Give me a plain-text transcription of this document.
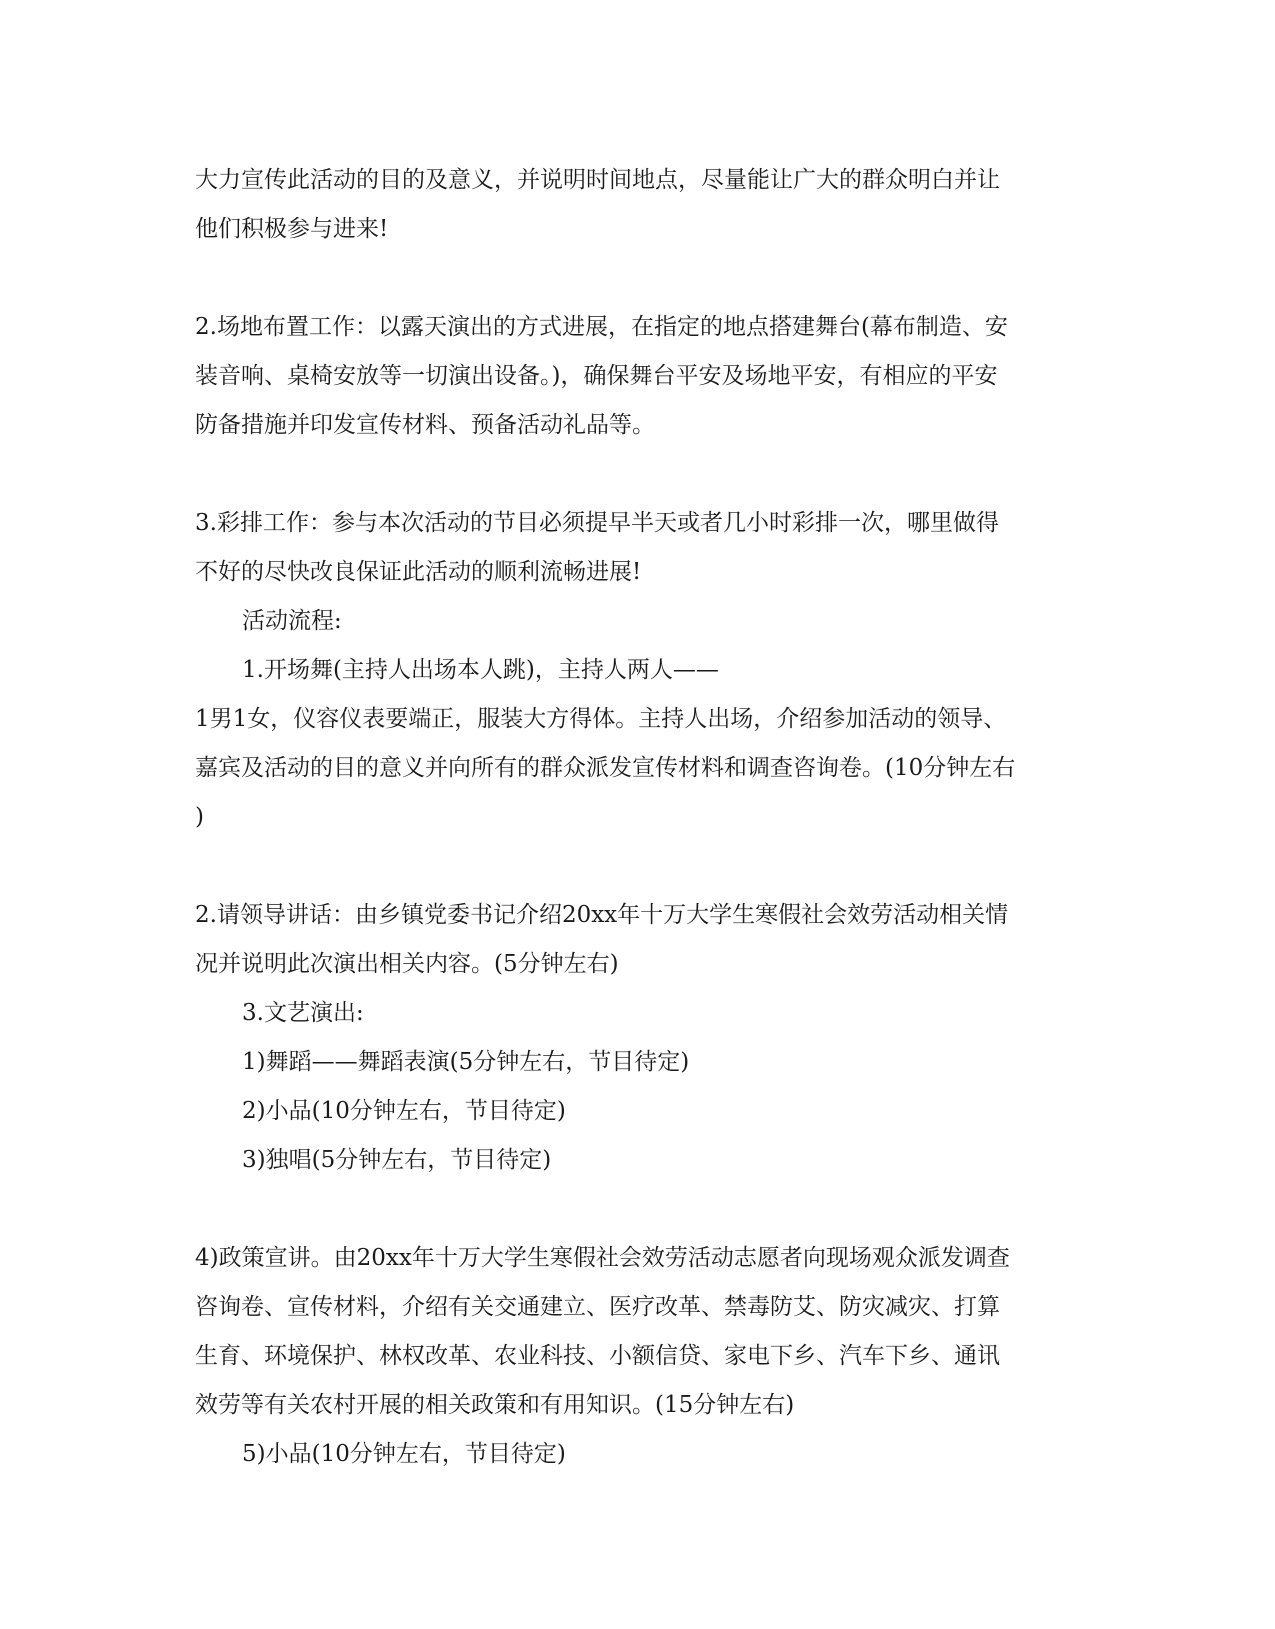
大力宣传此活动的目的及意义，并说明时间地点，尽量能让广大的群众明白并让
他们积极参与进来!

2.场地布置工作：以露天演出的方式进展，在指定的地点搭建舞台(幕布制造、安
装音响、桌椅安放等一切演出设备。)，确保舞台平安及场地平安，有相应的平安
防备措施并印发宣传材料、预备活动礼品等。

3.彩排工作：参与本次活动的节目必须提早半天或者几小时彩排一次，哪里做得
不好的尽快改良保证此活动的顺利流畅进展!

活动流程:

1.开场舞(主持人出场本人跳)，主持人两人——

1男1女，仪容仪表要端正，服装大方得体。主持人出场，介绍参加活动的领导、
嘉宾及活动的目的意义并向所有的群众派发宣传材料和调查咨询卷。(10分钟左右
)

2.请领导讲话：由乡镇党委书记介绍20xx年十万大学生寒假社会效劳活动相关情
况并说明此次演出相关内容。(5分钟左右)

3.文艺演出:

1)舞蹈——舞蹈表演(5分钟左右，节目待定)

2)小品(10分钟左右，节目待定)

3)独唱(5分钟左右，节目待定)

4)政策宣讲。由20xx年十万大学生寒假社会效劳活动志愿者向现场观众派发调查
咨询卷、宣传材料，介绍有关交通建立、医疗改革、禁毒防艾、防灾减灾、打算
生育、环境保护、林权改革、农业科技、小额信贷、家电下乡、汽车下乡、通讯
效劳等有关农村开展的相关政策和有用知识。(15分钟左右)

5)小品(10分钟左右，节目待定)
